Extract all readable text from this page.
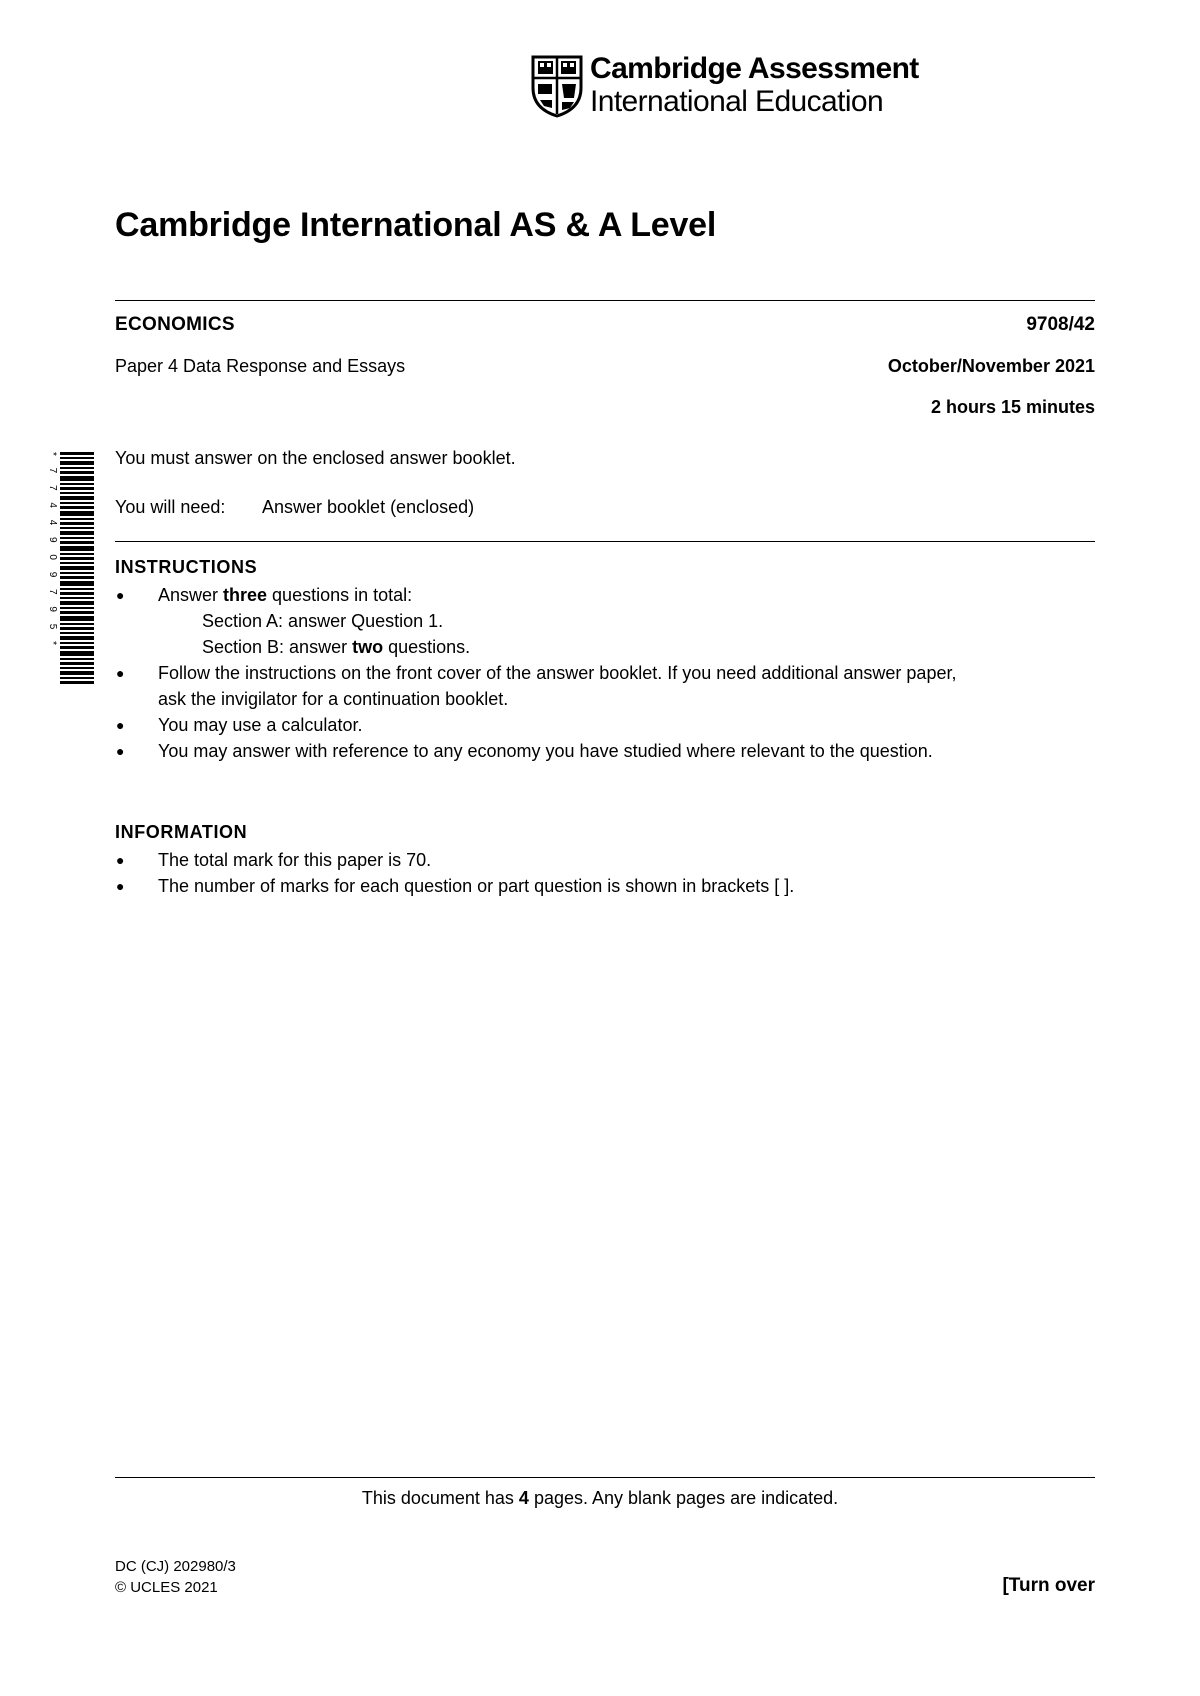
Cambridge Assessment
International Education
Cambridge International AS & A Level
ECONOMICS	9708/42
Paper 4 Data Response and Essays	October/November 2021
2 hours 15 minutes
* 7 7 4 4 9 0 9 7 9 5 *	You must answer on the enclosed answer booklet.
You will need: Answer booklet (enclosed)
INSTRUCTIONS
●	Answer three questions in total:
Section A: answer Question 1.
Section B: answer two questions.
●	Follow the instructions on the front cover of the answer booklet. If you need additional answer paper,
ask the invigilator for a continuation booklet.
●	You may use a calculator.
●	You may answer with reference to any economy you have studied where relevant to the question.
INFORMATION
●	The total mark for this paper is 70.
●	The number of marks for each question or part question is shown in brackets [ ].
This document has 4 pages. Any blank pages are indicated.
DC (CJ) 202980/3
© UCLES 2021	[Turn over
